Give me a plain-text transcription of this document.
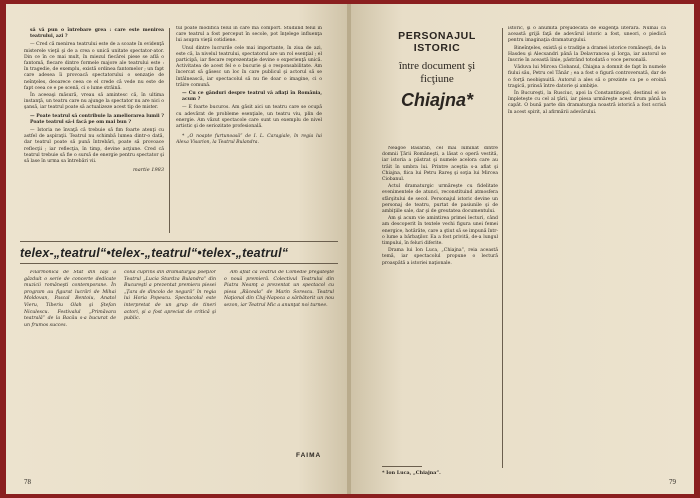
să vă pun o întrebare grea : care este menirea teatrului, azi ?

— Cred că menirea teatrului este de a scoate în evidenţă misterele vieţii şi de a crea o unică unitate spectator-ator. Din ce în ce mai mult, în miezul fiecărei piese se află o fantomă, fiecare dintre formele majore ale teatrului este : în tragedie, de exemplu, există ordinea fantomelor ; un fapt care adesea îi provoacă spectatorului o senzaţie de neînţeles, deoarece ceea ce el crede că vede nu este de fapt ceea ce e pe scenă, ci o lume străină.

În aceeaşi măsură, vreau să amintesc că, în ultima instanţă, un teatru care nu ajunge la spectator nu are nici o şansă, iar teatrul poate să actualizeze acest tip de mister.

— Poate teatrul să contribuie la ameliorarea lumii ? Poate teatrul să-i facă pe om mai bun ?

— Istoria ne învaţă că trebuie să fim foarte atenţi cu astfel de aspiraţii. Teatrul nu schimbă lumea dintr-o dată, dar teatrul poate să pună întrebări, poate să provoace reflecţii ; iar reflecţia, în timp, devine acţiune. Cred că teatrul trebuie să fie o sursă de energie pentru spectator şi să lase în urma sa întrebări vii.

martie 1983

tul poate modifica felul în care mă comport. Studiind felul în care teatrul a fost perceput în secole, pot înţelege influenţa lui asupra vieţii cotidiene.

Unul dintre lucrurile cele mai importante, în ziua de azi, este că, la nivelul teatrului, spectatorul are un rol esenţial ; el participă, iar fiecare reprezentaţie devine o experienţă unică. Activitatea de acest fel e o bucurie şi o responsabilitate. Am încercat să găsesc un loc în care publicul şi actorul să se întâlnească, iar spectacolul să nu fie doar o imagine, ci o trăire comună.

— Cu ce gânduri despre teatrul vă aflaţi în România, acum ?

— E foarte bucuros. Am găsit aici un teatru care se ocupă cu adevărat de probleme esenţiale, un teatru viu, plin de energie. Am văzut spectacole care sunt un exemplu de nivel artistic şi de seriozitate profesională.

* „O noapte furtunoasă” de I. L. Caragiale, în regia lui Alexa Visarion, la Teatrul Bulandra.

telex-„teatrul“•telex-„teatrul“•telex-„teatrul“

Filarmonica de Stat din Iaşi a găzduit o serie de concerte dedicate muzicii româneşti contemporane. În program au figurat lucrări de Mihai Moldovan, Pascal Bentoiu, Anatol Vieru, Tiberiu Olah şi Ştefan Niculescu. Festivalul „Primăvara teatrală” de la Bacău s-a bucurat de un frumos succes.

colul cuprins din dramaturgia poeţilor Teatrul „Lucia Sturdza Bulandra” din Bucureşti a prezentat premiera piesei „Ţara de dincolo de negură” în regia lui Horia Popescu. Spectacolul este interpretat de un grup de tineri actori, şi a fost apreciat de critică şi public.

Am aflat că Teatrul de Comedie pregăteşte o nouă premieră. Colectivul Teatrului din Piatra Neamţ a prezentat un spectacol cu piesa „Răceala” de Marin Sorescu. Teatrul Naţional din Cluj-Napoca a sărbătorit un nou sezon, iar Teatrul Mic a anunţat noi turnee.

FAIMA
78
PERSONAJUL ISTORIC
între document şi ficţiune
Chiajna*

Neagoe Basarab, cel mai luminat dintre domnii Ţării Româneşti, a lăsat o operă vestită, iar istoria a păstrat şi numele acelora care au trăit în umbra lui. Printre aceştia s-a aflat şi Chiajna, fiica lui Petru Rareş şi soţia lui Mircea Ciobanul.

Actul dramaturgic urmăreşte cu fidelitate evenimentele de atunci, reconstituind atmosfera sfârşitului de secol. Personajul istoric devine un personaj de teatru, purtat de pasiunile şi de ambiţiile sale, dar şi de greutatea documentului.

Am şi acum vie amintirea primei lecturi, când am descoperit în textele vechi figura unei femei energice, hotărâte, care a ştiut să se impună într-o lume a bărbaţilor. Ea a fost privită, de-a lungul timpului, în feluri diferite.

Drama lui Ion Luca, „Chiajna”, reia această temă, iar spectacolul propune o lectură proaspătă a istoriei naţionale.

* Ion Luca, „Chiajna”.

istoric, şi o anumită prejudecată de exigenţă literară. Numai că această grijă faţă de adevărul istoric a fost, uneori, o piedică pentru imaginaţia dramaturgului.

Bineînţeles, există şi o tradiţie a dramei istorice româneşti, de la Hasdeu şi Alecsandri până la Delavrancea şi Iorga, iar autorul se înscrie în această linie, păstrând totodată o voce personală.

Văduva lui Mircea Ciobanul, Chiajna a domnit de fapt în numele fiului său, Petru cel Tânăr ; ea a fost o figură controversată, dar de o forţă neobişnuită. Autorul a ales să o prezinte ca pe o eroină tragică, prinsă între datorie şi ambiţie.

În Bucureşti, la Rusciuc, apoi la Constantinopol, destinul ei se împleteşte cu cel al ţării, iar piesa urmăreşte acest drum până la capăt. O bună parte din dramaturgia noastră istorică a fost scrisă în acest spirit, al afirmării adevărului.

79
